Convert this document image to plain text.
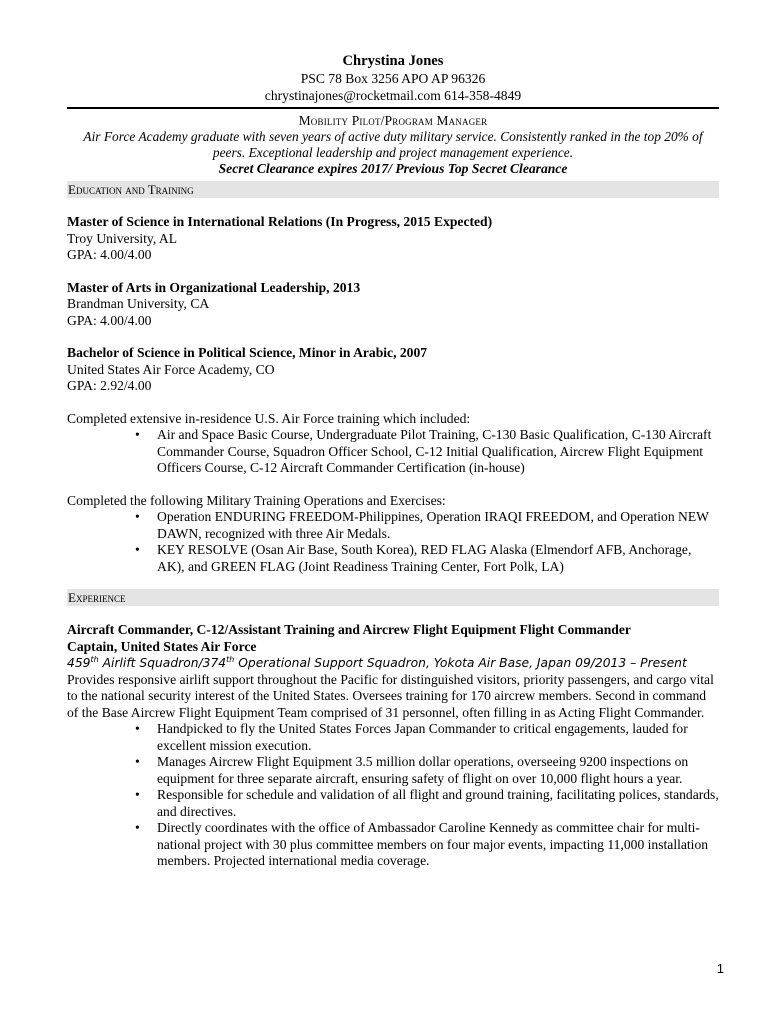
Chrystina Jones
PSC 78 Box 3256 APO AP 96326
chrystinajones@rocketmail.com 614-358-4849
Mobility Pilot/Program Manager
Air Force Academy graduate with seven years of active duty military service. Consistently ranked in the top 20% of peers. Exceptional leadership and project management experience.
Secret Clearance expires 2017/ Previous Top Secret Clearance
Education and Training
Master of Science in International Relations (In Progress, 2015 Expected)
Troy University, AL
GPA: 4.00/4.00
Master of Arts in Organizational Leadership, 2013
Brandman University, CA
GPA: 4.00/4.00
Bachelor of Science in Political Science, Minor in Arabic, 2007
United States Air Force Academy, CO
GPA: 2.92/4.00
Completed extensive in-residence U.S. Air Force training which included:
• Air and Space Basic Course, Undergraduate Pilot Training, C-130 Basic Qualification, C-130 Aircraft Commander Course, Squadron Officer School, C-12 Initial Qualification, Aircrew Flight Equipment Officers Course, C-12 Aircraft Commander Certification (in-house)
Completed the following Military Training Operations and Exercises:
• Operation ENDURING FREEDOM-Philippines, Operation IRAQI FREEDOM, and Operation NEW DAWN, recognized with three Air Medals.
• KEY RESOLVE (Osan Air Base, South Korea), RED FLAG Alaska (Elmendorf AFB, Anchorage, AK), and GREEN FLAG (Joint Readiness Training Center, Fort Polk, LA)
Experience
Aircraft Commander, C-12/Assistant Training and Aircrew Flight Equipment Flight Commander
Captain, United States Air Force
459th Airlift Squadron/374th Operational Support Squadron, Yokota Air Base, Japan 09/2013 – Present
Provides responsive airlift support throughout the Pacific for distinguished visitors, priority passengers, and cargo vital to the national security interest of the United States. Oversees training for 170 aircrew members. Second in command of the Base Aircrew Flight Equipment Team comprised of 31 personnel, often filling in as Acting Flight Commander.
• Handpicked to fly the United States Forces Japan Commander to critical engagements, lauded for excellent mission execution.
• Manages Aircrew Flight Equipment 3.5 million dollar operations, overseeing 9200 inspections on equipment for three separate aircraft, ensuring safety of flight on over 10,000 flight hours a year.
• Responsible for schedule and validation of all flight and ground training, facilitating polices, standards, and directives.
• Directly coordinates with the office of Ambassador Caroline Kennedy as committee chair for multi-national project with 30 plus committee members on four major events, impacting 11,000 installation members. Projected international media coverage.
1
